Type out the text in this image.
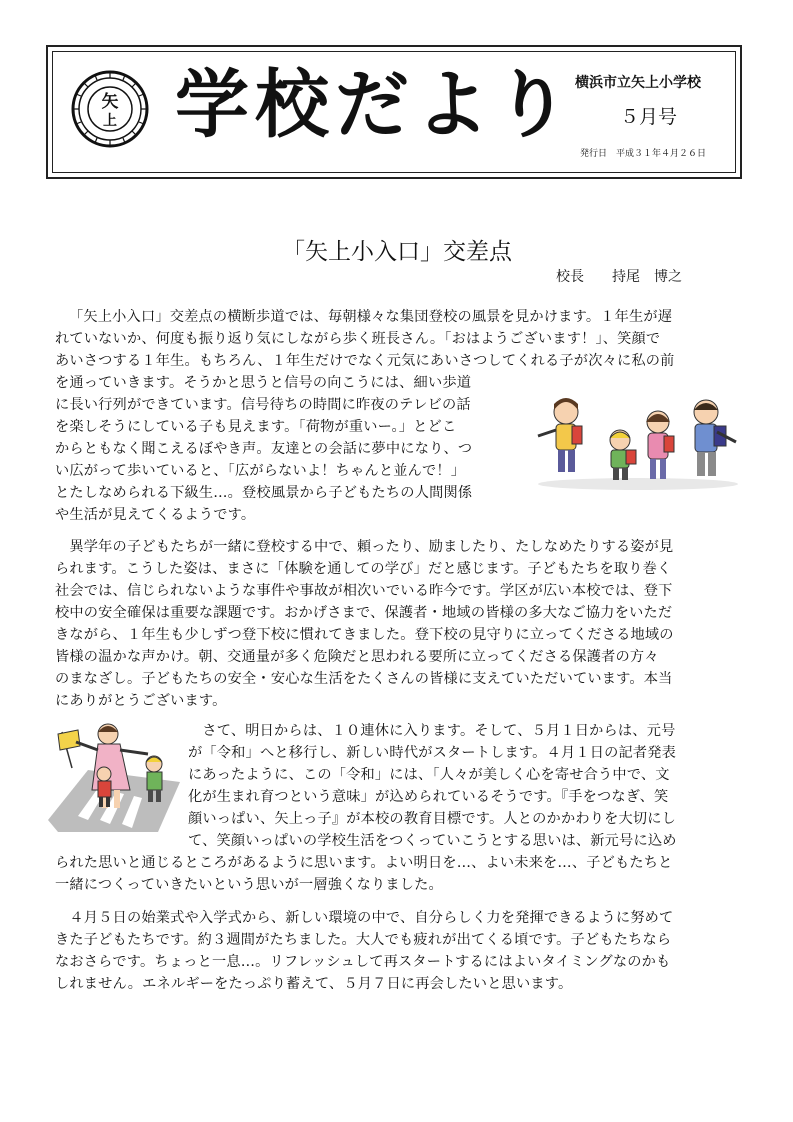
矢
上 学校だより 横浜市立矢上小学校
５月号
発行日　平成３１年４月２６日
「矢上小入口」交差点
校長　　持尾　博之
「矢上小入口」交差点の横断歩道では、毎朝様々な集団登校の風景を見かけます。１年生が遅
れていないか、何度も振り返り気にしながら歩く班長さん。「おはようございます！」、笑顔で
あいさつする１年生。もちろん、１年生だけでなく元気にあいさつしてくれる子が次々に私の前
を通っていきます。そうかと思うと信号の向こうには、細い歩道
に長い行列ができています。信号待ちの時間に昨夜のテレビの話
を楽しそうにしている子も見えます。「荷物が重いー。」とどこ
からともなく聞こえるぼやき声。友達との会話に夢中になり、つ
い広がって歩いていると、「広がらないよ！ちゃんと並んで！」
とたしなめられる下級生…。登校風景から子どもたちの人間関係
や生活が見えてくるようです。
　異学年の子どもたちが一緒に登校する中で、頼ったり、励ましたり、たしなめたりする姿が見
られます。こうした姿は、まさに「体験を通しての学び」だと感じます。子どもたちを取り巻く
社会では、信じられないような事件や事故が相次いでいる昨今です。学区が広い本校では、登下
校中の安全確保は重要な課題です。おかげさまで、保護者・地域の皆様の多大なご協力をいただ
きながら、１年生も少しずつ登下校に慣れてきました。登下校の見守りに立ってくださる地域の
皆様の温かな声かけ。朝、交通量が多く危険だと思われる要所に立ってくださる保護者の方々
のまなざし。子どもたちの安全・安心な生活をたくさんの皆様に支えていただいています。本当
にありがとうございます。
　さて、明日からは、１０連休に入ります。そして、５月１日からは、元号
が「令和」へと移行し、新しい時代がスタートします。４月１日の記者発表
にあったように、この「令和」には、「人々が美しく心を寄せ合う中で、文
化が生まれ育つという意味」が込められているそうです。『手をつなぎ、笑
顔いっぱい、矢上っ子』が本校の教育目標です。人とのかかわりを大切にし
て、笑顔いっぱいの学校生活をつくっていこうとする思いは、新元号に込め
られた思いと通じるところがあるように思います。よい明日を…、よい未来を…、子どもたちと
一緒につくっていきたいという思いが一層強くなりました。
　４月５日の始業式や入学式から、新しい環境の中で、自分らしく力を発揮できるように努めて
きた子どもたちです。約３週間がたちました。大人でも疲れが出てくる頃です。子どもたちなら
なおさらです。ちょっと一息…。リフレッシュして再スタートするにはよいタイミングなのかも
しれません。エネルギーをたっぷり蓄えて、５月７日に再会したいと思います。
